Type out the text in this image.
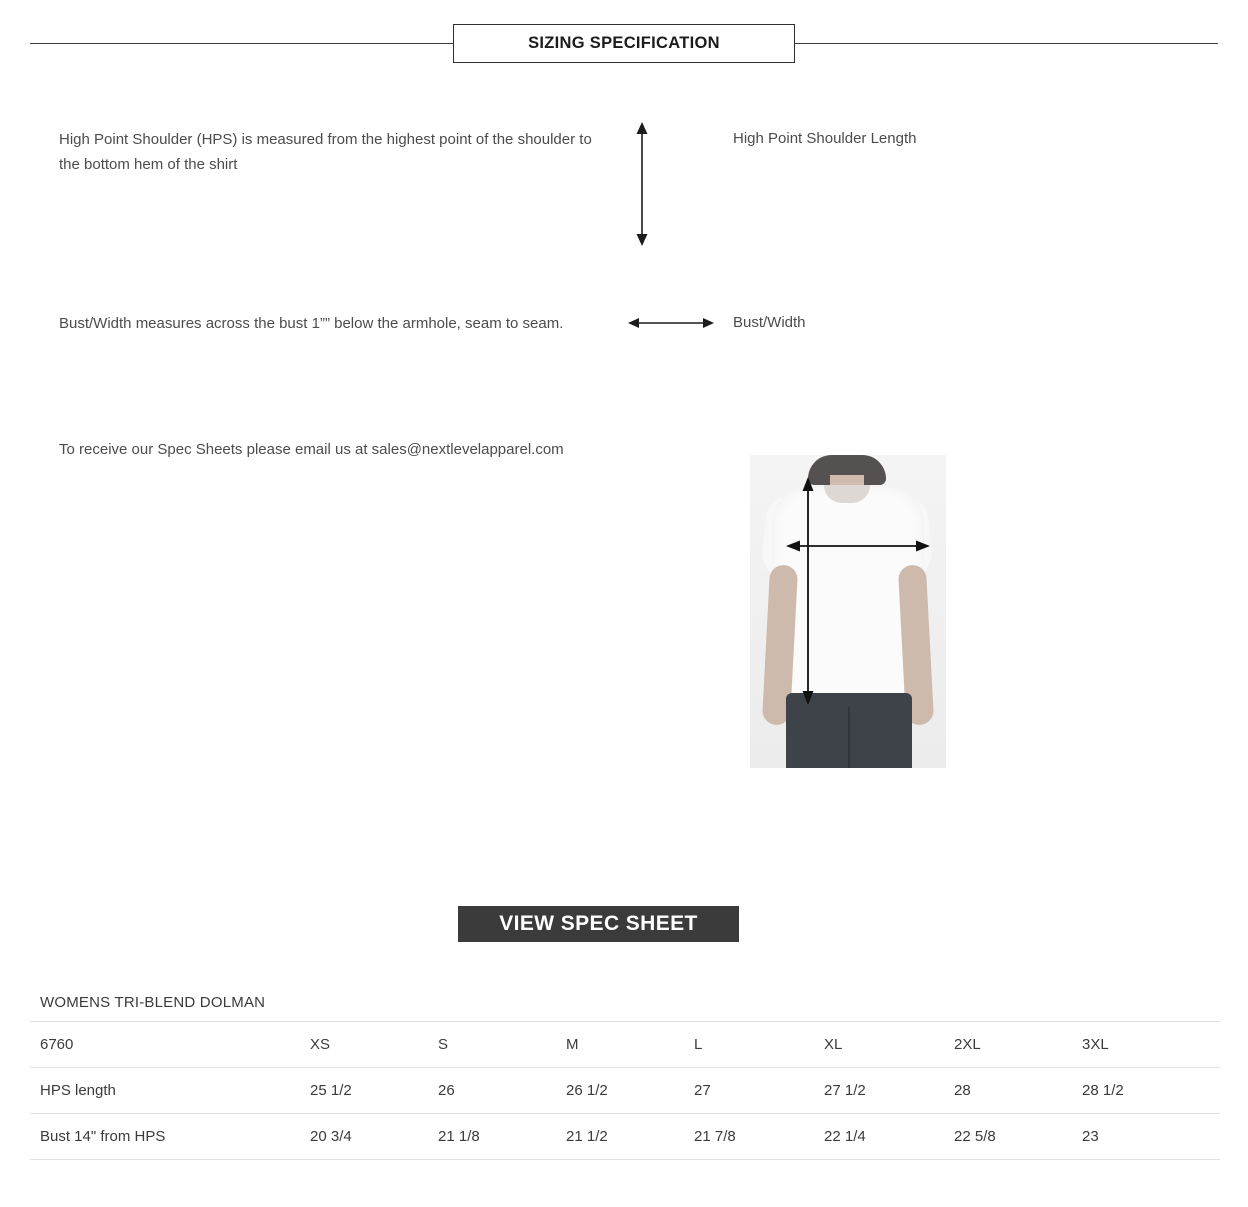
SIZING SPECIFICATION
High Point Shoulder (HPS) is measured from the highest point of the shoulder to the bottom hem of the shirt
High Point Shoulder Length
Bust/Width measures across the bust 1”” below the armhole, seam to seam.	Bust/Width
To receive our Spec Sheets please email us at sales@nextlevelapparel.com
VIEW SPEC SHEET
WOMENS TRI-BLEND DOLMAN
6760	XS	S	M	L	XL	2XL	3XL
HPS length	25 1/2	26	26 1/2	27	27 1/2	28	28 1/2
Bust 14" from HPS	20 3/4	21 1/8	21 1/2	21 7/8	22 1/4	22 5/8	23
